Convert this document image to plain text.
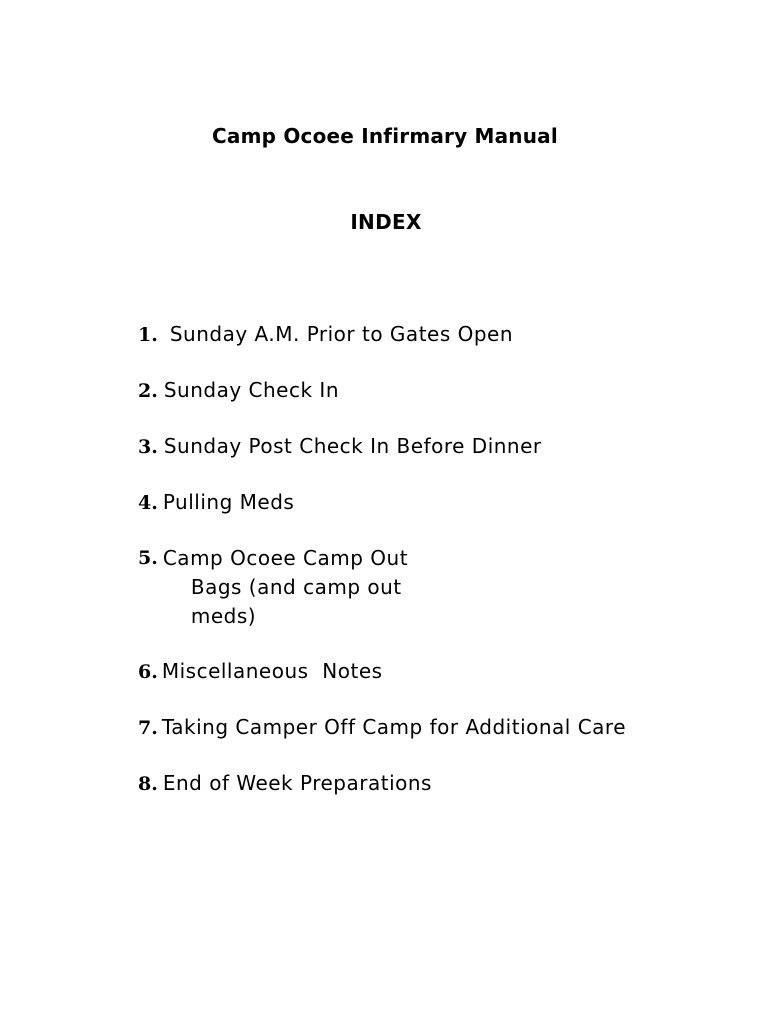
Camp Ocoee Infirmary Manual
INDEX
1. Sunday A.M. Prior to Gates Open
2. Sunday Check In
3. Sunday Post Check In Before Dinner
4. Pulling Meds
5. Camp Ocoee Camp Out
Bags (and camp out
meds)
6. Miscellaneous  Notes
7. Taking Camper Off Camp for Additional Care
8. End of Week Preparations
